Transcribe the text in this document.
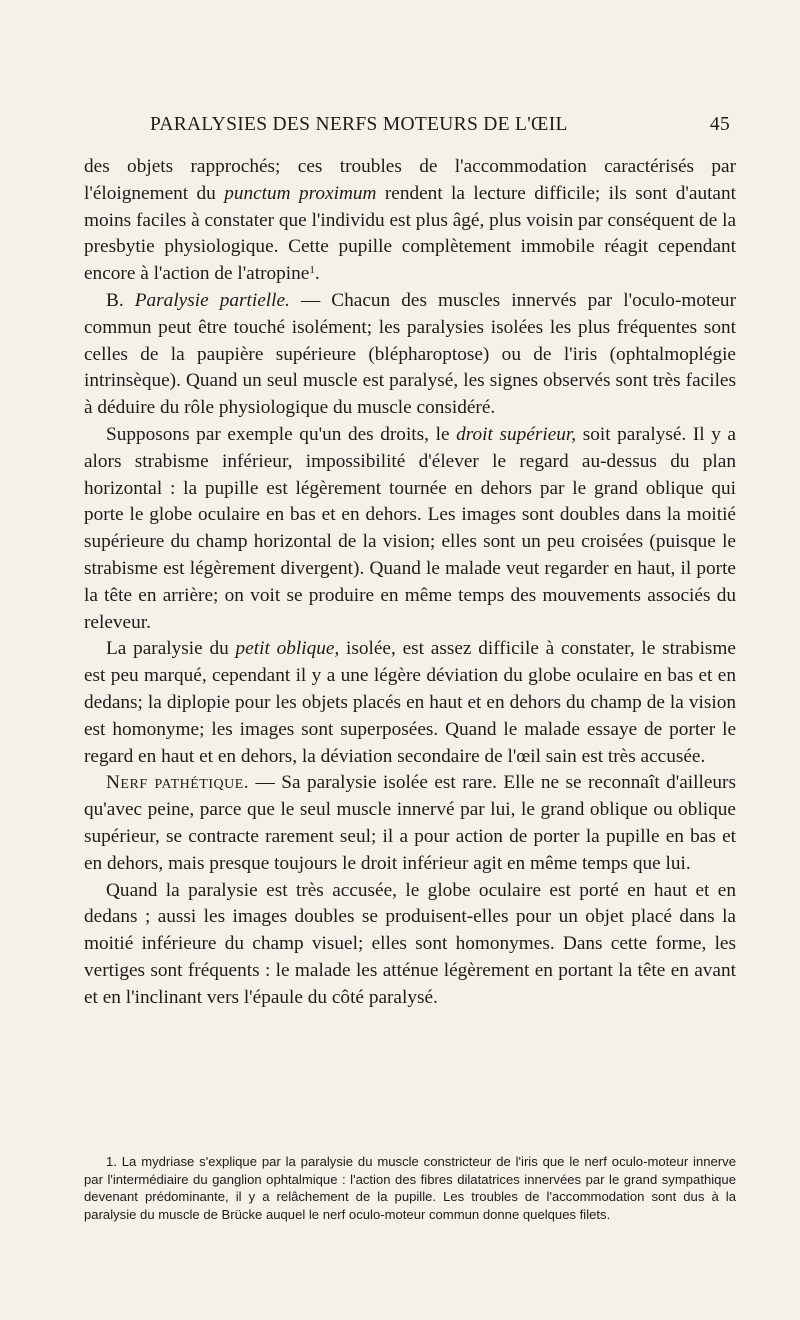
PARALYSIES DES NERFS MOTEURS DE L'ŒIL	45

des objets rapprochés; ces troubles de l'accommodation caractérisés par l'éloignement du punctum proximum rendent la lecture difficile; ils sont d'autant moins faciles à constater que l'individu est plus âgé, plus voisin par conséquent de la presbytie physiologique. Cette pupille complètement immobile réagit cependant encore à l'action de l'atropine$^1$.

B. Paralysie partielle. — Chacun des muscles innervés par l'oculo-moteur commun peut être touché isolément; les paralysies isolées les plus fréquentes sont celles de la paupière supérieure (blépharoptose) ou de l'iris (ophtalmoplégie intrinsèque). Quand un seul muscle est paralysé, les signes observés sont très faciles à déduire du rôle physiologique du muscle considéré.

Supposons par exemple qu'un des droits, le droit supérieur, soit paralysé. Il y a alors strabisme inférieur, impossibilité d'élever le regard au-dessus du plan horizontal : la pupille est légèrement tournée en dehors par le grand oblique qui porte le globe oculaire en bas et en dehors. Les images sont doubles dans la moitié supérieure du champ horizontal de la vision; elles sont un peu croisées (puisque le strabisme est légèrement divergent). Quand le malade veut regarder en haut, il porte la tête en arrière; on voit se produire en même temps des mouvements associés du releveur.

La paralysie du petit oblique, isolée, est assez difficile à constater, le strabisme est peu marqué, cependant il y a une légère déviation du globe oculaire en bas et en dedans; la diplopie pour les objets placés en haut et en dehors du champ de la vision est homonyme; les images sont superposées. Quand le malade essaye de porter le regard en haut et en dehors, la déviation secondaire de l'œil sain est très accusée.

Nerf pathétique. — Sa paralysie isolée est rare. Elle ne se reconnaît d'ailleurs qu'avec peine, parce que le seul muscle innervé par lui, le grand oblique ou oblique supérieur, se contracte rarement seul; il a pour action de porter la pupille en bas et en dehors, mais presque toujours le droit inférieur agit en même temps que lui.

Quand la paralysie est très accusée, le globe oculaire est porté en haut et en dedans ; aussi les images doubles se produisent-elles pour un objet placé dans la moitié inférieure du champ visuel; elles sont homonymes. Dans cette forme, les vertiges sont fréquents : le malade les atténue légèrement en portant la tête en avant et en l'inclinant vers l'épaule du côté paralysé.

1. La mydriase s'explique par la paralysie du muscle constricteur de l'iris que le nerf oculo-moteur innerve par l'intermédiaire du ganglion ophtalmique : l'action des fibres dilatatrices innervées par le grand sympathique devenant prédominante, il y a relâchement de la pupille. Les troubles de l'accommodation sont dus à la paralysie du muscle de Brücke auquel le nerf oculo-moteur commun donne quelques filets.
